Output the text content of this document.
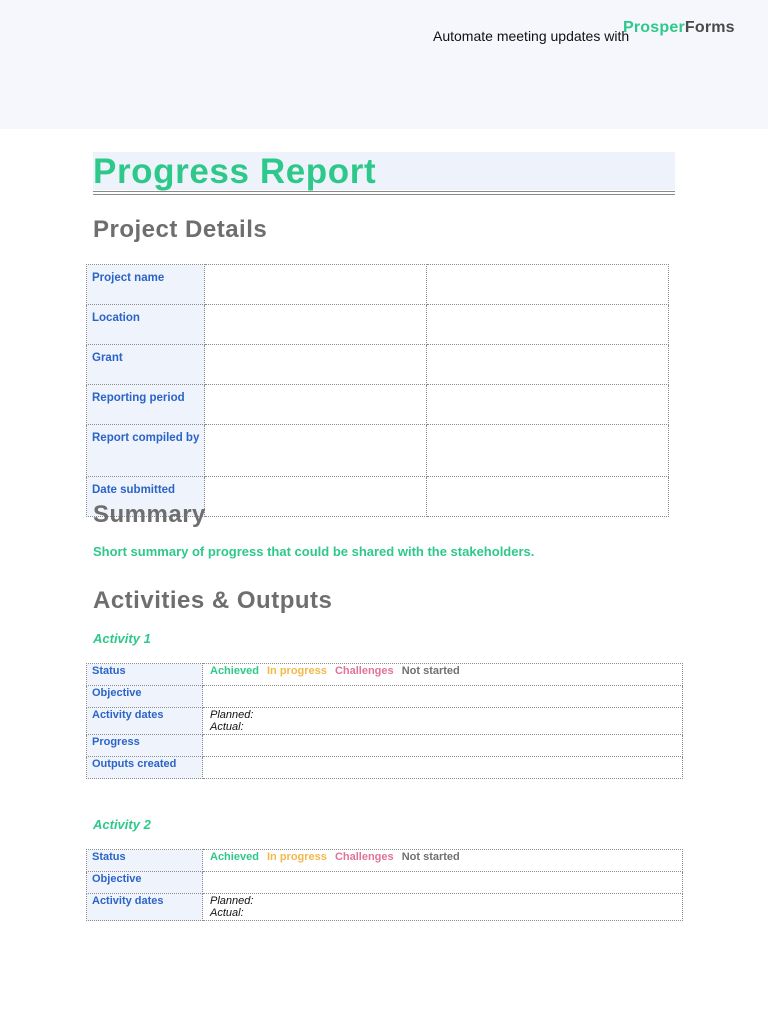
Automate meeting updates with
ProsperForms
Progress Report
Project Details
Project name		
Location		
Grant		
Reporting period		
Report compiled by		
Date submitted		
Summary
Short summary of progress that could be shared with the stakeholders.
Activities & Outputs
Activity 1
Status	Achieved In progress Challenges Not started
Objective	
Activity dates	Planned:
Actual:

Progress	
Outputs created	
Activity 2
Status	Achieved In progress Challenges Not started
Objective	
Activity dates	Planned:
Actual:
